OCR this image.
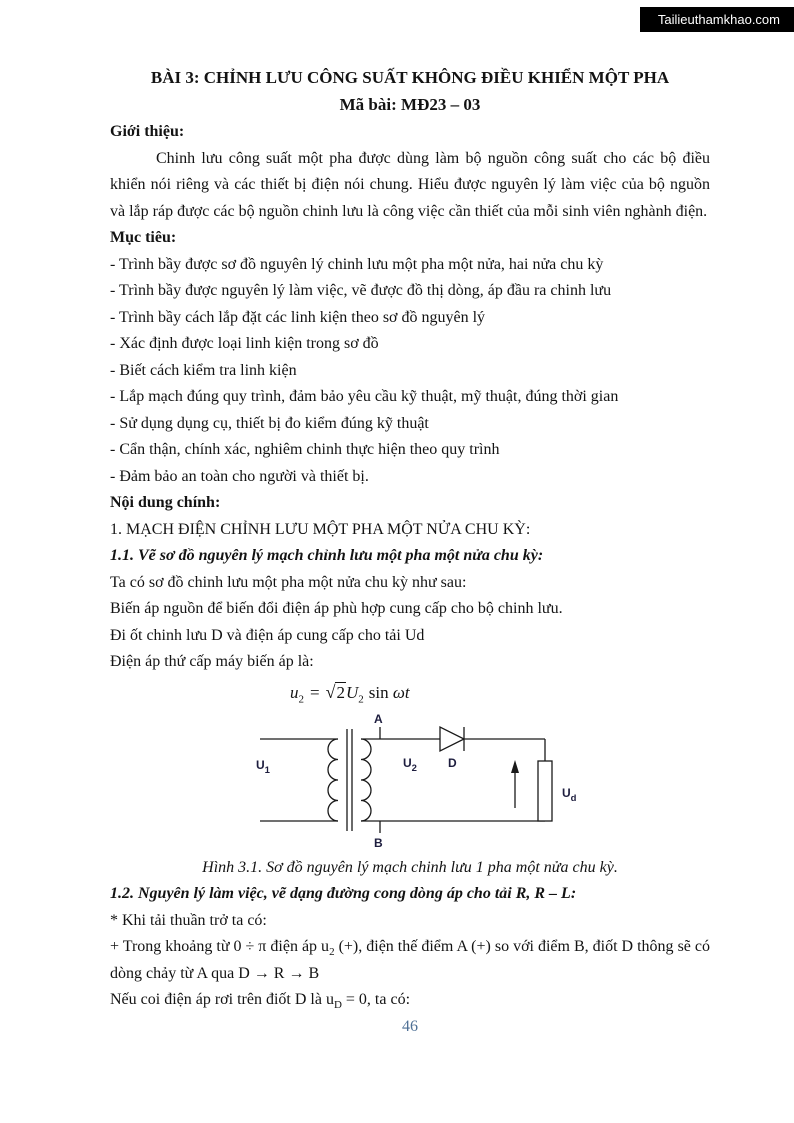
Tailieuthamkhao.com
BÀI 3: CHỈNH LƯU CÔNG SUẤT KHÔNG ĐIỀU KHIỂN MỘT PHA
Mã bài: MĐ23 – 03

Giới thiệu:

Chinh lưu công suất một pha được dùng làm bộ nguồn công suất cho các bộ điều khiển nói riêng và các thiết bị điện nói chung. Hiểu được nguyên lý làm việc của bộ nguồn và lắp ráp được các bộ nguồn chinh lưu là công việc cần thiết của mỗi sinh viên nghành điện.

Mục tiêu:

- Trình bầy được sơ đồ nguyên lý chinh lưu một pha một nửa, hai nửa chu kỳ

- Trình bầy được nguyên lý làm việc, vẽ được đồ thị dòng, áp đầu ra chinh lưu

- Trình bầy cách lắp đặt các linh kiện theo sơ đồ nguyên lý

- Xác định được loại linh kiện trong sơ đồ

- Biết cách kiểm tra linh kiện

- Lắp mạch đúng quy trình, đảm bảo yêu cầu kỹ thuật, mỹ thuật, đúng thời gian

- Sử dụng dụng cụ, thiết bị đo kiểm đúng kỹ thuật

- Cẩn thận, chính xác, nghiêm chinh thực hiện theo quy trình

- Đảm bảo an toàn cho người và thiết bị.

Nội dung chính:

1. MẠCH ĐIỆN CHỈNH LƯU MỘT PHA MỘT NỬA CHU KỲ:

1.1. Vẽ sơ đồ nguyên lý mạch chỉnh lưu một pha một nửa chu kỳ:

Ta có sơ đồ chinh lưu một pha một nửa chu kỳ như sau:

Biến áp nguồn để biến đổi điện áp phù hợp cung cấp cho bộ chinh lưu.

Đi ốt chinh lưu D và điện áp cung cấp cho tải Ud

Điện áp thứ cấp máy biến áp là:

$u_2 = √2U_2$ sin ωt
$U_1$
A
$U_2$	D
B
$U_d$

Hình 3.1. Sơ đồ nguyên lý mạch chinh lưu 1 pha một nửa chu kỳ.

1.2. Nguyên lý làm việc, vẽ dạng đường cong dòng áp cho tải R, R – L:

* Khi tải thuần trở ta có:

+ Trong khoảng từ 0 ÷ π điện áp $u_2$ (+), điện thế điểm A (+) so với điểm B, điốt D thông sẽ có dòng chảy từ A qua D → R → B

Nếu coi điện áp rơi trên điốt D là $u_D = 0$, ta có:

46
